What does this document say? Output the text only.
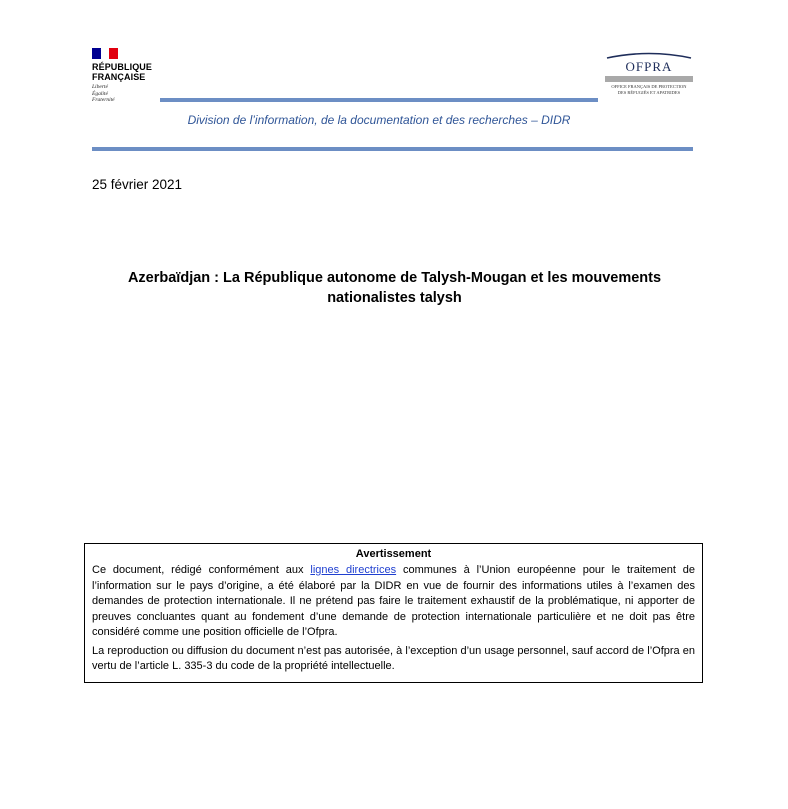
RÉPUBLIQUE
FRANÇAISE
Liberté
Égalité
Fraternité
OFPRA
OFFICE FRANÇAIS DE PROTECTION
DES RÉFUGIÉS ET APATRIDES
Division de l’information, de la documentation et des recherches – DIDR
25 février 2021
Azerbaïdjan : La République autonome de Talysh-Mougan et les mouvements
nationalistes talysh
Avertissement

Ce document, rédigé conformément aux lignes directrices communes à l’Union européenne pour le traitement de l’information sur le pays d’origine, a été élaboré par la DIDR en vue de fournir des informations utiles à l’examen des demandes de protection internationale. Il ne prétend pas faire le traitement exhaustif de la problématique, ni apporter de preuves concluantes quant au fondement d’une demande de protection internationale particulière et ne doit pas être considéré comme une position officielle de l’Ofpra.

La reproduction ou diffusion du document n’est pas autorisée, à l’exception d’un usage personnel, sauf accord de l’Ofpra en vertu de l’article L. 335-3 du code de la propriété intellectuelle.
